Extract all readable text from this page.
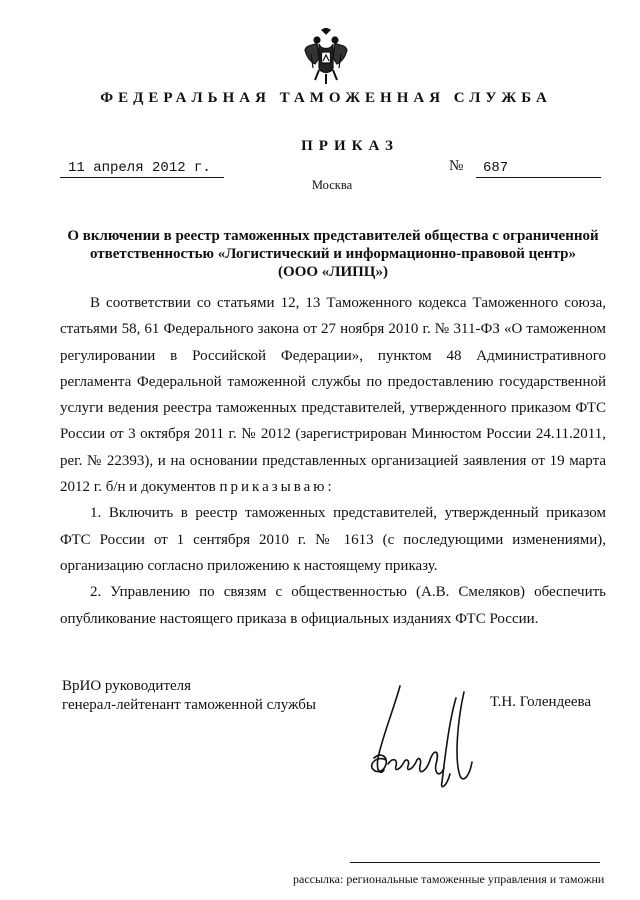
ФЕДЕРАЛЬНАЯ ТАМОЖЕННАЯ СЛУЖБА
ПРИКАЗ
11 апреля 2012 г.	№	687
Москва
О включении в реестр таможенных представителей общества с ограниченной
ответственностью «Логистический и информационно-правовой центр»
(ООО «ЛИПЦ»)

В соответствии со статьями 12, 13 Таможенного кодекса Таможенного союза, статьями 58, 61 Федерального закона от 27 ноября 2010 г. № 311-ФЗ «О таможенном регулировании в Российской Федерации», пунктом 48 Административного регламента Федеральной таможенной службы по предоставлению государственной услуги ведения реестра таможенных представителей, утвержденного приказом ФТС России от 3 октября 2011 г. № 2012 (зарегистрирован Минюстом России 24.11.2011, рег. № 22393), и на основании представленных организацией заявления от 19 марта 2012 г. б/н и документов приказываю:

1. Включить в реестр таможенных представителей, утвержденный приказом ФТС России от 1 сентября 2010 г. № 1613 (с последующими изменениями), организацию согласно приложению к настоящему приказу.

2. Управлению по связям с общественностью (А.В. Смеляков) обеспечить опубликование настоящего приказа в официальных изданиях ФТС России.

ВрИО руководителя
генерал-лейтенант таможенной службы	Т.Н. Голендеева
рассылка: региональные таможенные управления и таможни
